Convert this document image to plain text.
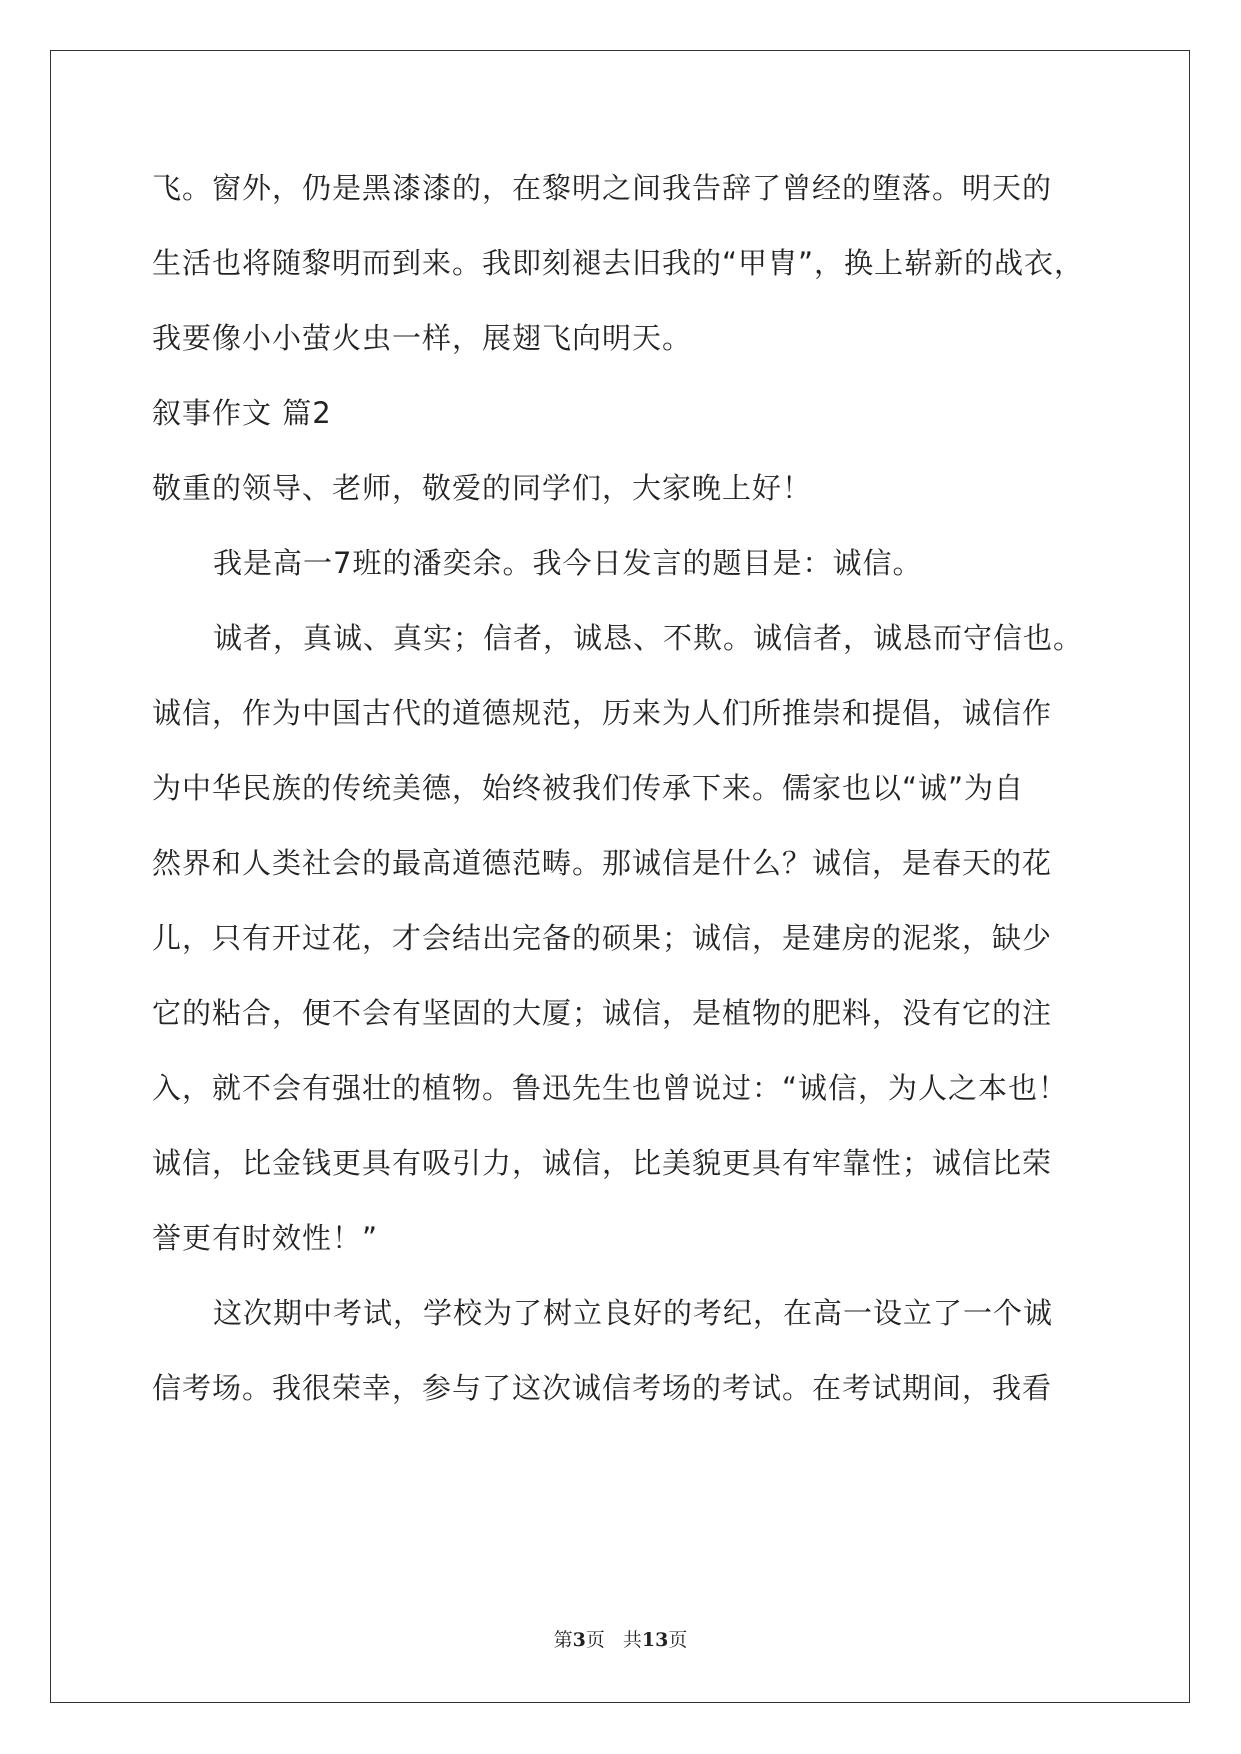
飞。窗外，仍是黑漆漆的，在黎明之间我告辞了曾经的堕落。明天的
生活也将随黎明而到来。我即刻褪去旧我的“甲胄”，换上崭新的战衣，
我要像小小萤火虫一样，展翅飞向明天。
叙事作文 篇2
敬重的领导、老师，敬爱的同学们，大家晚上好！
我是高一7班的潘奕余。我今日发言的题目是：诚信。
诚者，真诚、真实；信者，诚恳、不欺。诚信者，诚恳而守信也。
诚信，作为中国古代的道德规范，历来为人们所推崇和提倡，诚信作
为中华民族的传统美德，始终被我们传承下来。儒家也以“诚”为自
然界和人类社会的最高道德范畴。那诚信是什么？诚信，是春天的花
儿，只有开过花，才会结出完备的硕果；诚信，是建房的泥浆，缺少
它的粘合，便不会有坚固的大厦；诚信，是植物的肥料，没有它的注
入，就不会有强壮的植物。鲁迅先生也曾说过：“诚信，为人之本也！
诚信，比金钱更具有吸引力，诚信，比美貌更具有牢靠性；诚信比荣
誉更有时效性！”
这次期中考试，学校为了树立良好的考纪，在高一设立了一个诚
信考场。我很荣幸，参与了这次诚信考场的考试。在考试期间，我看
第3页 共13页
